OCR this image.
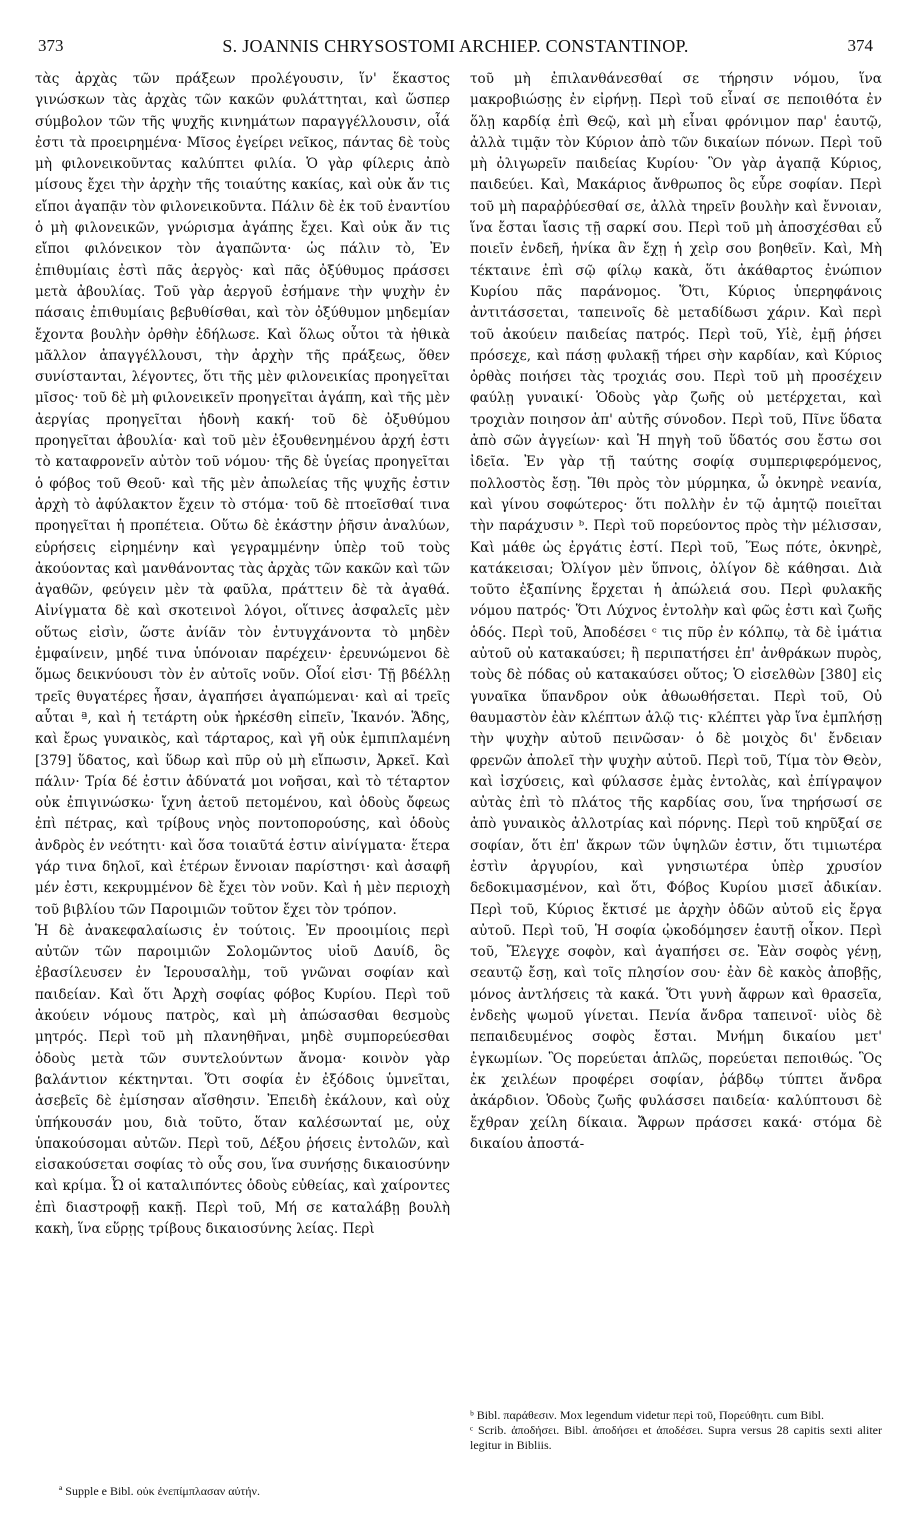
373	S. JOANNIS CHRYSOSTOMI ARCHIEP. CONSTANTINOP.	374

τὰς ἀρχὰς τῶν πράξεων προλέγουσιν, ἵν' ἕκαστος γινώσκων τὰς ἀρχὰς τῶν κακῶν φυλάττηται, καὶ ὥσπερ σύμβολον τῶν τῆς ψυχῆς κινημάτων παραγγέλλουσιν, οἷά ἐστι τὰ προειρημένα· Μῖσος ἐγείρει νεῖκος, πάντας δὲ τοὺς μὴ φιλονεικοῦντας καλύπτει φιλία. Ὁ γὰρ φίλερις ἀπὸ μίσους ἔχει τὴν ἀρχὴν τῆς τοιαύτης κακίας, καὶ οὐκ ἄν τις εἴποι ἀγαπᾷν τὸν φιλονεικοῦντα. Πάλιν δὲ ἐκ τοῦ ἐναντίου ὁ μὴ φιλονεικῶν, γνώρισμα ἀγάπης ἔχει. Καὶ οὐκ ἄν τις εἴποι φιλόνεικον τὸν ἀγαπῶντα· ὡς πάλιν τὸ, Ἐν ἐπιθυμίαις ἐστὶ πᾶς ἀεργὸς· καὶ πᾶς ὀξύθυμος πράσσει μετὰ ἀβουλίας. Τοῦ γὰρ ἀεργοῦ ἐσήμανε τὴν ψυχὴν ἐν πάσαις ἐπιθυμίαις βεβυθίσθαι, καὶ τὸν ὀξύθυμον μηδεμίαν ἔχοντα βουλὴν ὀρθὴν ἐδήλωσε. Καὶ ὅλως οὗτοι τὰ ἠθικὰ μᾶλλον ἀπαγγέλλουσι, τὴν ἀρχὴν τῆς πράξεως, ὅθεν συνίστανται, λέγοντες, ὅτι τῆς μὲν φιλονεικίας προηγεῖται μῖσος· τοῦ δὲ μὴ φιλονεικεῖν προηγεῖται ἀγάπη, καὶ τῆς μὲν ἀεργίας προηγεῖται ἡδονὴ κακή· τοῦ δὲ ὀξυθύμου προηγεῖται ἀβουλία· καὶ τοῦ μὲν ἐξουθενημένου ἀρχή ἐστι τὸ καταφρονεῖν αὐτὸν τοῦ νόμου· τῆς δὲ ὑγείας προηγεῖται ὁ φόβος τοῦ Θεοῦ· καὶ τῆς μὲν ἀπωλείας τῆς ψυχῆς ἐστιν ἀρχὴ τὸ ἀφύλακτον ἔχειν τὸ στόμα· τοῦ δὲ πτοεῖσθαί τινα προηγεῖται ἡ προπέτεια. Οὕτω δὲ ἑκάστην ῥῆσιν ἀναλύων, εὑρήσεις εἰρημένην καὶ γεγραμμένην ὑπὲρ τοῦ τοὺς ἀκούοντας καὶ μανθάνοντας τὰς ἀρχὰς τῶν κακῶν καὶ τῶν ἀγαθῶν, φεύγειν μὲν τὰ φαῦλα, πράττειν δὲ τὰ ἀγαθά. Αἰνίγματα δὲ καὶ σκοτεινοὶ λόγοι, οἵτινες ἀσφαλεῖς μὲν οὕτως εἰσὶν, ὥστε ἀνίᾶν τὸν ἐντυγχάνοντα τὸ μηδὲν ἐμφαίνειν, μηδέ τινα ὑπόνοιαν παρέχειν· ἐρευνώμενοι δὲ ὅμως δεικνύουσι τὸν ἐν αὐτοῖς νοῦν. Οἷοί εἰσι· Τῇ βδέλλῃ τρεῖς θυγατέρες ἦσαν, ἀγαπήσει ἀγαπώμεναι· καὶ αἱ τρεῖς αὗται ª, καὶ ἡ τετάρτη οὐκ ἠρκέσθη εἰπεῖν, Ἱκανόν. Ἅδης, καὶ ἔρως γυναικὸς, καὶ τάρταρος, καὶ γῆ οὐκ ἐμπιπλαμένη [379] ὕδατος, καὶ ὕδωρ καὶ πῦρ οὐ μὴ εἴπωσιν, Ἀρκεῖ. Καὶ πάλιν· Τρία δέ ἐστιν ἀδύνατά μοι νοῆσαι, καὶ τὸ τέταρτον οὐκ ἐπιγινώσκω· ἴχνη ἀετοῦ πετομένου, καὶ ὁδοὺς ὄφεως ἐπὶ πέτρας, καὶ τρίβους νηὸς ποντοπορούσης, καὶ ὁδοὺς ἀνδρὸς ἐν νεότητι· καὶ ὅσα τοιαῦτά ἐστιν αἰνίγματα· ἕτερα γάρ τινα δηλοῖ, καὶ ἑτέρων ἔννοιαν παρίστησι· καὶ ἀσαφῆ μέν ἐστι, κεκρυμμένον δὲ ἔχει τὸν νοῦν. Καὶ ἡ μὲν περιοχὴ τοῦ βιβλίου τῶν Παροιμιῶν τοῦτον ἔχει τὸν τρόπον.

Ἡ δὲ ἀνακεφαλαίωσις ἐν τούτοις. Ἐν προοιμίοις περὶ αὐτῶν τῶν παροιμιῶν Σολομῶντος υἱοῦ Δαυίδ, ὃς ἐβασίλευσεν ἐν Ἱερουσαλὴμ, τοῦ γνῶναι σοφίαν καὶ παιδείαν. Καὶ ὅτι Ἀρχὴ σοφίας φόβος Κυρίου. Περὶ τοῦ ἀκούειν νόμους πατρὸς, καὶ μὴ ἀπώσασθαι θεσμοὺς μητρός. Περὶ τοῦ μὴ πλανηθῆναι, μηδὲ συμπορεύεσθαι ὁδοὺς μετὰ τῶν συντελούντων ἄνομα· κοινὸν γὰρ βαλάντιον κέκτηνται. Ὅτι σοφία ἐν ἐξόδοις ὑμνεῖται, ἀσεβεῖς δὲ ἐμίσησαν αἴσθησιν. Ἐπειδὴ ἐκάλουν, καὶ οὐχ ὑπήκουσάν μου, διὰ τοῦτο, ὅταν καλέσωνταί με, οὐχ ὑπακούσομαι αὐτῶν. Περὶ τοῦ, Δέξου ῥήσεις ἐντολῶν, καὶ εἰσακούσεται σοφίας τὸ οὖς σου, ἵνα συνήσῃς δικαιοσύνην καὶ κρίμα. Ὦ οἱ καταλιπόντες ὁδοὺς εὐθείας, καὶ χαίροντες ἐπὶ διαστροφῇ κακῇ. Περὶ τοῦ, Μή σε καταλάβῃ βουλὴ κακὴ, ἵνα εὕρῃς τρίβους δικαιοσύνης λείας. Περὶ

τοῦ μὴ ἐπιλανθάνεσθαί σε τήρησιν νόμου, ἵνα μακροβιώσῃς ἐν εἰρήνῃ. Περὶ τοῦ εἶναί σε πεποιθότα ἐν ὅλῃ καρδίᾳ ἐπὶ Θεῷ, καὶ μὴ εἶναι φρόνιμον παρ' ἑαυτῷ, ἀλλὰ τιμᾷν τὸν Κύριον ἀπὸ τῶν δικαίων πόνων. Περὶ τοῦ μὴ ὀλιγωρεῖν παιδείας Κυρίου· Ὃν γὰρ ἀγαπᾷ Κύριος, παιδεύει. Καὶ, Μακάριος ἄνθρωπος ὃς εὗρε σοφίαν. Περὶ τοῦ μὴ παραῤῥύεσθαί σε, ἀλλὰ τηρεῖν βουλὴν καὶ ἔννοιαν, ἵνα ἔσται ἴασις τῇ σαρκί σου. Περὶ τοῦ μὴ ἀποσχέσθαι εὖ ποιεῖν ἐνδεῆ, ἡνίκα ἂν ἔχῃ ἡ χεὶρ σου βοηθεῖν. Καὶ, Μὴ τέκταινε ἐπὶ σῷ φίλῳ κακὰ, ὅτι ἀκάθαρτος ἐνώπιον Κυρίου πᾶς παράνομος. Ὅτι, Κύριος ὑπερηφάνοις ἀντιτάσσεται, ταπεινοῖς δὲ μεταδίδωσι χάριν. Καὶ περὶ τοῦ ἀκούειν παιδείας πατρός. Περὶ τοῦ, Υἱὲ, ἐμῇ ῥήσει πρόσεχε, καὶ πάσῃ φυλακῇ τήρει σὴν καρδίαν, καὶ Κύριος ὀρθὰς ποιήσει τὰς τροχιάς σου. Περὶ τοῦ μὴ προσέχειν φαύλῃ γυναικί· Ὁδοὺς γὰρ ζωῆς οὐ μετέρχεται, καὶ τροχιὰν ποιησον ἀπ' αὐτῆς σύνοδον. Περὶ τοῦ, Πῖνε ὕδατα ἀπὸ σῶν ἀγγείων· καὶ Ἡ πηγὴ τοῦ ὕδατός σου ἔστω σοι ἰδεῖα. Ἐν γὰρ τῇ ταύτης σοφίᾳ συμπεριφερόμενος, πολλοστὸς ἔσῃ. Ἴθι πρὸς τὸν μύρμηκα, ὦ ὀκνηρὲ νεανία, καὶ γίνου σοφώτερος· ὅτι πολλὴν ἐν τῷ ἀμητῷ ποιεῖται τὴν παράχυσιν ᵇ. Περὶ τοῦ πορεύοντος πρὸς τὴν μέλισσαν, Καὶ μάθε ὡς ἐργάτις ἐστί. Περὶ τοῦ, Ἕως πότε, ὀκνηρὲ, κατάκεισαι; Ὀλίγον μὲν ὕπνοις, ὀλίγον δὲ κάθησαι. Διὰ τοῦτο ἐξαπίνης ἔρχεται ἡ ἀπώλειά σου. Περὶ φυλακῆς νόμου πατρός· Ὅτι Λύχνος ἐντολὴν καὶ φῶς ἐστι καὶ ζωῆς ὁδός. Περὶ τοῦ, Ἀποδέσει ᶜ τις πῦρ ἐν κόλπῳ, τὰ δὲ ἱμάτια αὐτοῦ οὐ κατακαύσει; ἢ περιπατήσει ἐπ' ἀνθράκων πυρὸς, τοὺς δὲ πόδας οὐ κατακαύσει οὕτος; Ὁ εἰσελθὼν [380] εἰς γυναῖκα ὕπανδρον οὐκ ἀθωωθήσεται. Περὶ τοῦ, Οὐ θαυμαστὸν ἐὰν κλέπτων ἁλῷ τις· κλέπτει γὰρ ἵνα ἐμπλήσῃ τὴν ψυχὴν αὐτοῦ πεινῶσαν· ὁ δὲ μοιχὸς δι' ἔνδειαν φρενῶν ἀπολεῖ τὴν ψυχὴν αὐτοῦ. Περὶ τοῦ, Τίμα τὸν Θεὸν, καὶ ἰσχύσεις, καὶ φύλασσε ἐμὰς ἐντολὰς, καὶ ἐπίγραψον αὐτὰς ἐπὶ τὸ πλάτος τῆς καρδίας σου, ἵνα τηρήσωσί σε ἀπὸ γυναικὸς ἀλλοτρίας καὶ πόρνης. Περὶ τοῦ κηρῦξαί σε σοφίαν, ὅτι ἐπ' ἄκρων τῶν ὑψηλῶν ἐστιν, ὅτι τιμιωτέρα ἐστὶν ἀργυρίου, καὶ γνησιωτέρα ὑπὲρ χρυσίον δεδοκιμασμένον, καὶ ὅτι, Φόβος Κυρίου μισεῖ ἀδικίαν. Περὶ τοῦ, Κύριος ἔκτισέ με ἀρχὴν ὁδῶν αὐτοῦ εἰς ἔργα αὐτοῦ. Περὶ τοῦ, Ἡ σοφία ᾠκοδόμησεν ἑαυτῇ οἶκον. Περὶ τοῦ, Ἔλεγχε σοφὸν, καὶ ἀγαπήσει σε. Ἐὰν σοφὸς γένῃ, σεαυτῷ ἔσῃ, καὶ τοῖς πλησίον σου· ἐὰν δὲ κακὸς ἀποβῇς, μόνος ἀντλήσεις τὰ κακά. Ὅτι γυνὴ ἄφρων καὶ θρασεῖα, ἐνδεὴς ψωμοῦ γίνεται. Πενία ἄνδρα ταπεινοῖ· υἱὸς δὲ πεπαιδευμένος σοφὸς ἔσται. Μνήμη δικαίου μετ' ἐγκωμίων. Ὃς πορεύεται ἁπλῶς, πορεύεται πεποιθώς. Ὃς ἐκ χειλέων προφέρει σοφίαν, ῥάβδῳ τύπτει ἄνδρα ἀκάρδιον. Ὁδοὺς ζωῆς φυλάσσει παιδεία· καλύπτουσι δὲ ἔχθραν χείλη δίκαια. Ἄφρων πράσσει κακά· στόμα δὲ δικαίου ἀποστά-

ᵇ Bibl. παράθεσιν. Mox legendum videtur περὶ τοῦ, Πορεύθητι. cum Bibl.

ᶜ Scrib. ἀποδήσει. Bibl. ἀποδήσει et ἀποδέσει. Supra versus 28 capitis sexti aliter legitur in Bibliis.

ª Supple e Bibl. οὐκ ἐνεπίμπλασαν αὐτήν.
